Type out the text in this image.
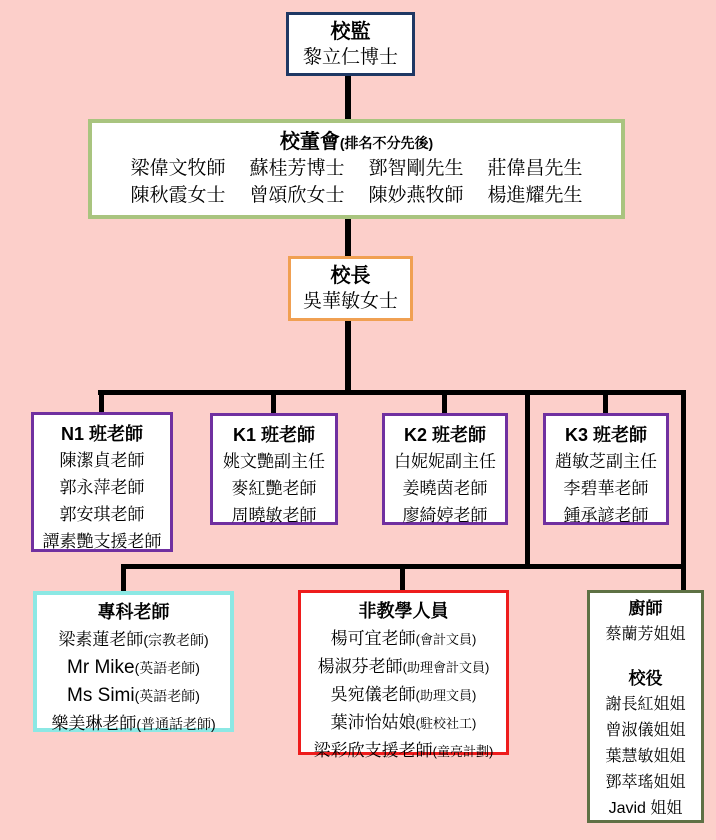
校監
黎立仁博士
校董會(排名不分先後)
梁偉文牧師 蘇桂芳博士 鄧智剛先生 莊偉昌先生
陳秋霞女士 曾頌欣女士 陳妙燕牧師 楊進耀先生
校長
吳華敏女士
N1 班老師
陳潔貞老師
郭永萍老師
郭安琪老師
譚素艷支援老師
K1 班老師
姚文艷副主任
麥紅艷老師
周曉敏老師
K2 班老師
白妮妮副主任
姜曉茵老師
廖綺婷老師
K3 班老師
趙敏芝副主任
李碧華老師
鍾承諺老師
專科老師
梁素蓮老師(宗教老師)
Mr Mike(英語老師)
Ms Simi(英語老師)
樂美琳老師(普通話老師)
非教學人員
楊可宜老師(會計文員)
楊淑芬老師(助理會計文員)
吳宛儀老師(助理文員)
葉沛怡姑娘(駐校社工)
梁彩欣支援老師(童亮計劃)
廚師
蔡蘭芳姐姐
校役
謝長紅姐姐
曾淑儀姐姐
葉慧敏姐姐
鄧萃瑤姐姐
Javid 姐姐
